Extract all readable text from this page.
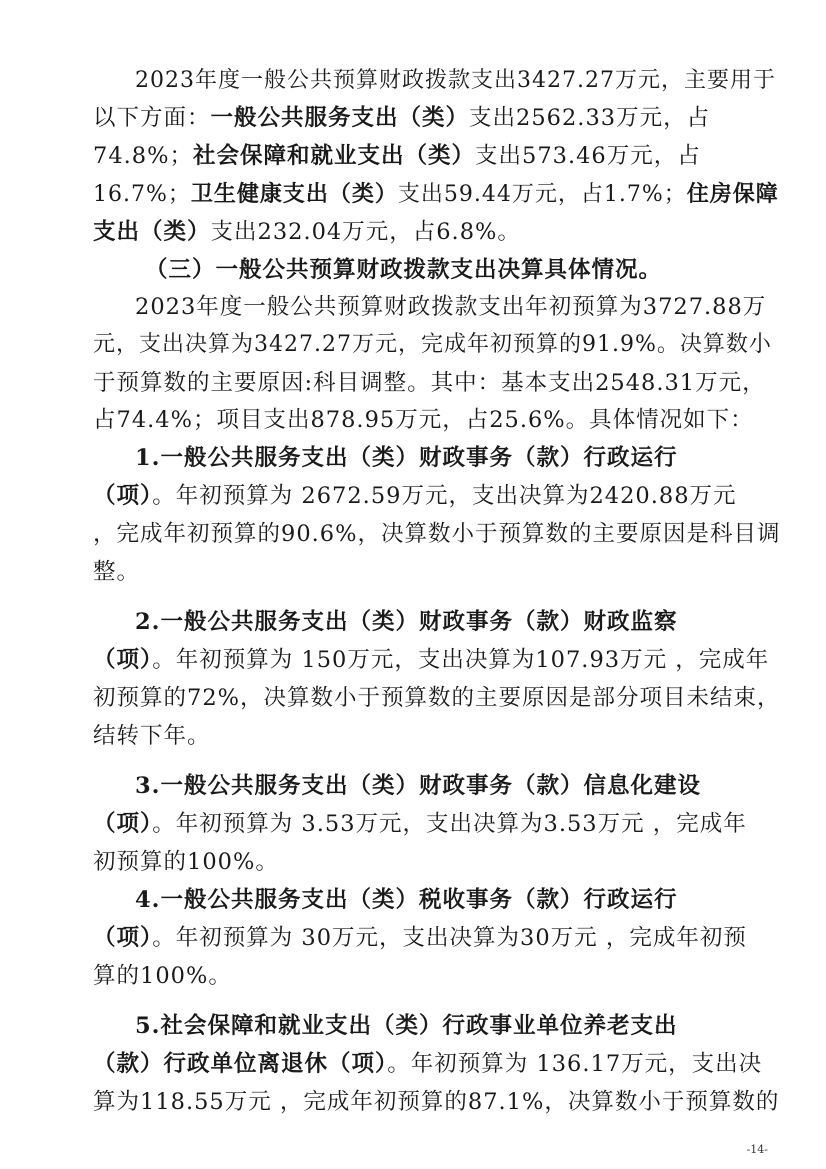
2023年度一般公共预算财政拨款支出3427.27万元，主要用于
以下方面：一般公共服务支出（类）支出2562.33万元，占
74.8%；社会保障和就业支出（类）支出573.46万元，占
16.7%；卫生健康支出（类）支出59.44万元，占1.7%；住房保障
支出（类）支出232.04万元，占6.8%。
（三）一般公共预算财政拨款支出决算具体情况。
2023年度一般公共预算财政拨款支出年初预算为3727.88万
元，支出决算为3427.27万元，完成年初预算的91.9%。决算数小
于预算数的主要原因:科目调整。其中：基本支出2548.31万元，
占74.4%；项目支出878.95万元，占25.6%。具体情况如下：
1.一般公共服务支出（类）财政事务（款）行政运行
（项）。年初预算为 2672.59万元，支出决算为2420.88万元
，完成年初预算的90.6%，决算数小于预算数的主要原因是科目调
整。
2.一般公共服务支出（类）财政事务（款）财政监察
（项）。年初预算为 150万元，支出决算为107.93万元 ，完成年
初预算的72%，决算数小于预算数的主要原因是部分项目未结束，
结转下年。
3.一般公共服务支出（类）财政事务（款）信息化建设
（项）。年初预算为 3.53万元，支出决算为3.53万元 ，完成年
初预算的100%。
4.一般公共服务支出（类）税收事务（款）行政运行
（项）。年初预算为 30万元，支出决算为30万元 ，完成年初预
算的100%。
5.社会保障和就业支出（类）行政事业单位养老支出
（款）行政单位离退休（项）。年初预算为 136.17万元，支出决
算为118.55万元 ，完成年初预算的87.1%，决算数小于预算数的
-14-
